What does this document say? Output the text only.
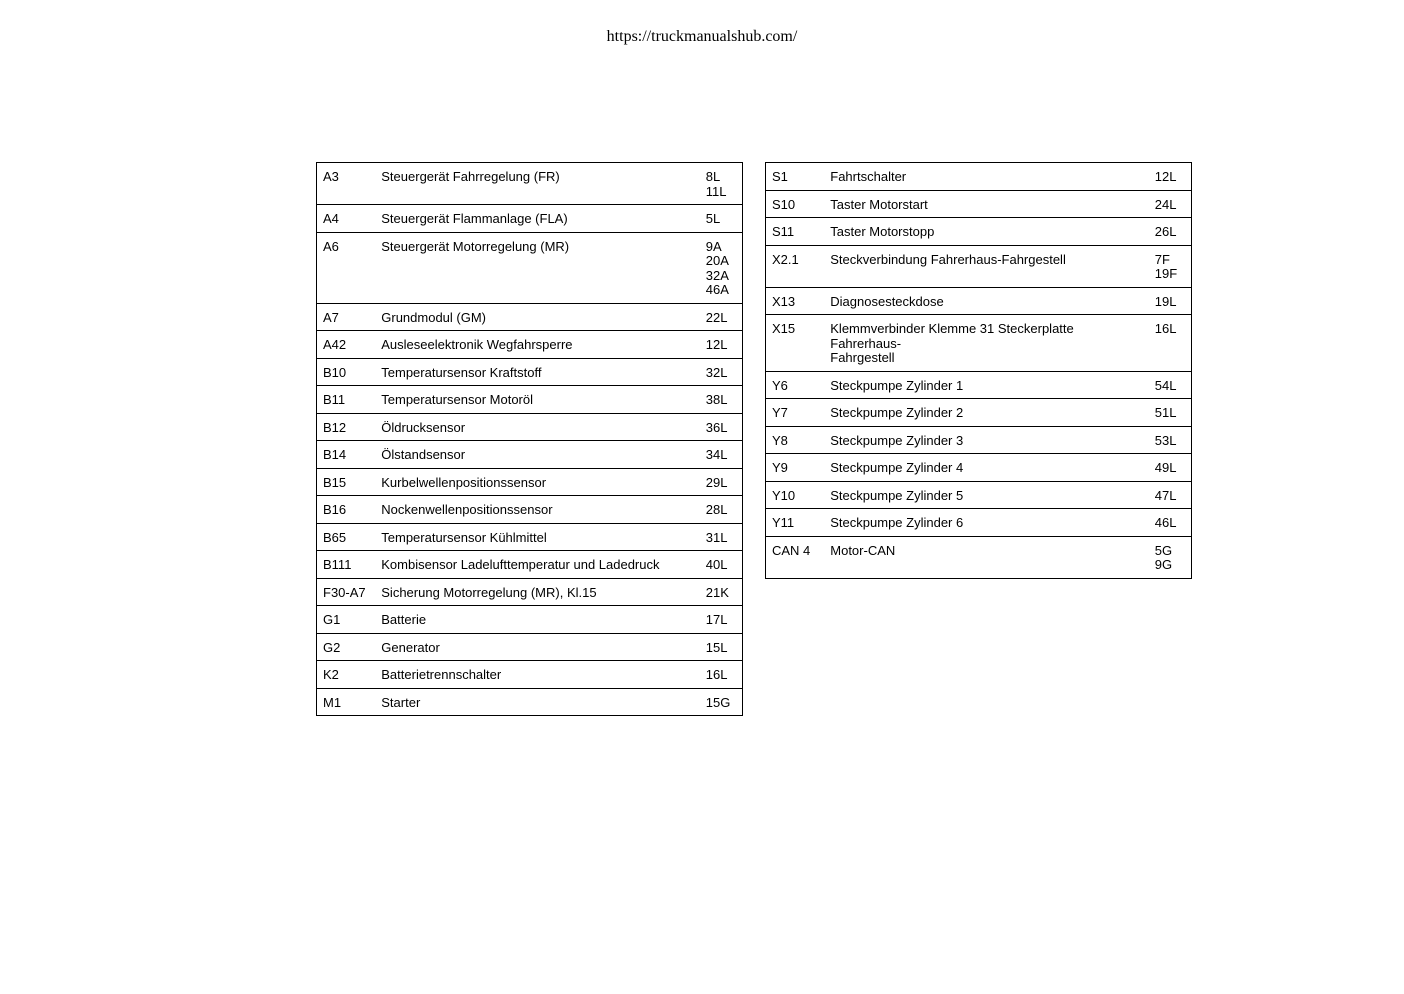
https://truckmanualshub.com/
A3	Steuergerät Fahrregelung (FR)	8L
11L
A4	Steuergerät Flammanlage (FLA)	5L
A6	Steuergerät Motorregelung (MR)	9A
20A
32A
46A
A7	Grundmodul (GM)	22L
A42	Ausleseelektronik Wegfahrsperre	12L
B10	Temperatursensor Kraftstoff	32L
B11	Temperatursensor Motoröl	38L
B12	Öldrucksensor	36L
B14	Ölstandsensor	34L
B15	Kurbelwellenpositionssensor	29L
B16	Nockenwellenpositionssensor	28L
B65	Temperatursensor Kühlmittel	31L
B111	Kombisensor Ladelufttemperatur und Ladedruck	40L
F30-A7	Sicherung Motorregelung (MR), Kl.15	21K
G1	Batterie	17L
G2	Generator	15L
K2	Batterietrennschalter	16L
M1	Starter	15G
S1	Fahrtschalter	12L
S10	Taster Motorstart	24L
S11	Taster Motorstopp	26L
X2.1	Steckverbindung Fahrerhaus-Fahrgestell	7F
19F
X13	Diagnosesteckdose	19L
X15	Klemmverbinder Klemme 31 Steckerplatte Fahrerhaus-
Fahrgestell	16L
Y6	Steckpumpe Zylinder 1	54L
Y7	Steckpumpe Zylinder 2	51L
Y8	Steckpumpe Zylinder 3	53L
Y9	Steckpumpe Zylinder 4	49L
Y10	Steckpumpe Zylinder 5	47L
Y11	Steckpumpe Zylinder 6	46L
CAN 4	Motor-CAN	5G
9G
